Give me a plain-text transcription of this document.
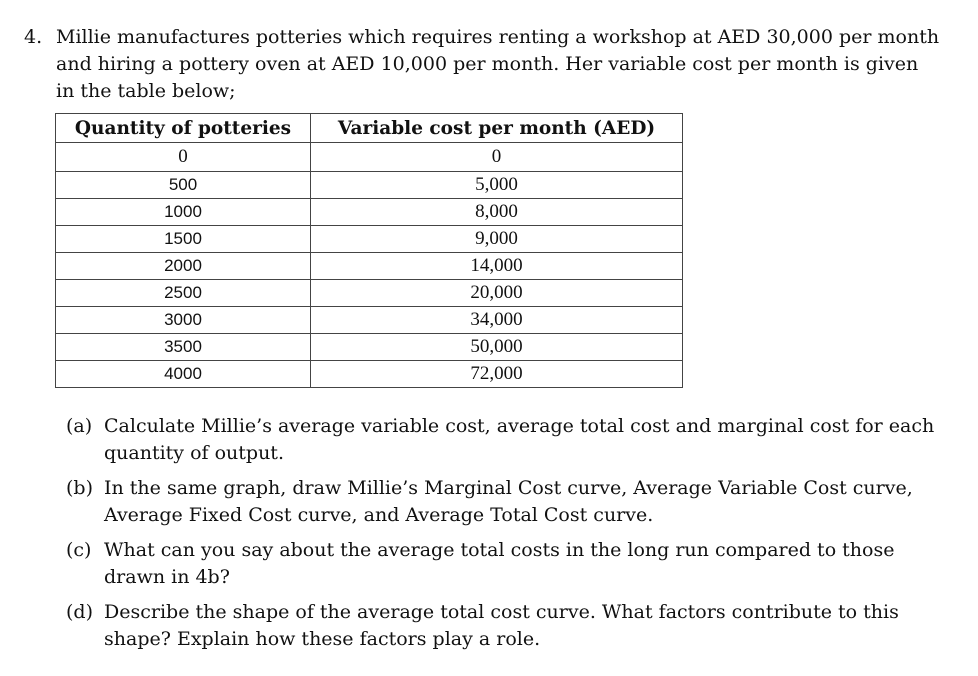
4. Millie manufactures potteries which requires renting a workshop at AED 30,000 per month
and hiring a pottery oven at AED 10,000 per month. Her variable cost per month is given
in the table below;
Quantity of potteries	Variable cost per month (AED)
0	0
500	5,000
1000	8,000
1500	9,000
2000	14,000
2500	20,000
3000	34,000
3500	50,000
4000	72,000
(a) Calculate Millie’s average variable cost, average total cost and marginal cost for each
quantity of output.
(b) In the same graph, draw Millie’s Marginal Cost curve, Average Variable Cost curve,
Average Fixed Cost curve, and Average Total Cost curve.
(c) What can you say about the average total costs in the long run compared to those
drawn in 4b?
(d) Describe the shape of the average total cost curve. What factors contribute to this
shape? Explain how these factors play a role.
